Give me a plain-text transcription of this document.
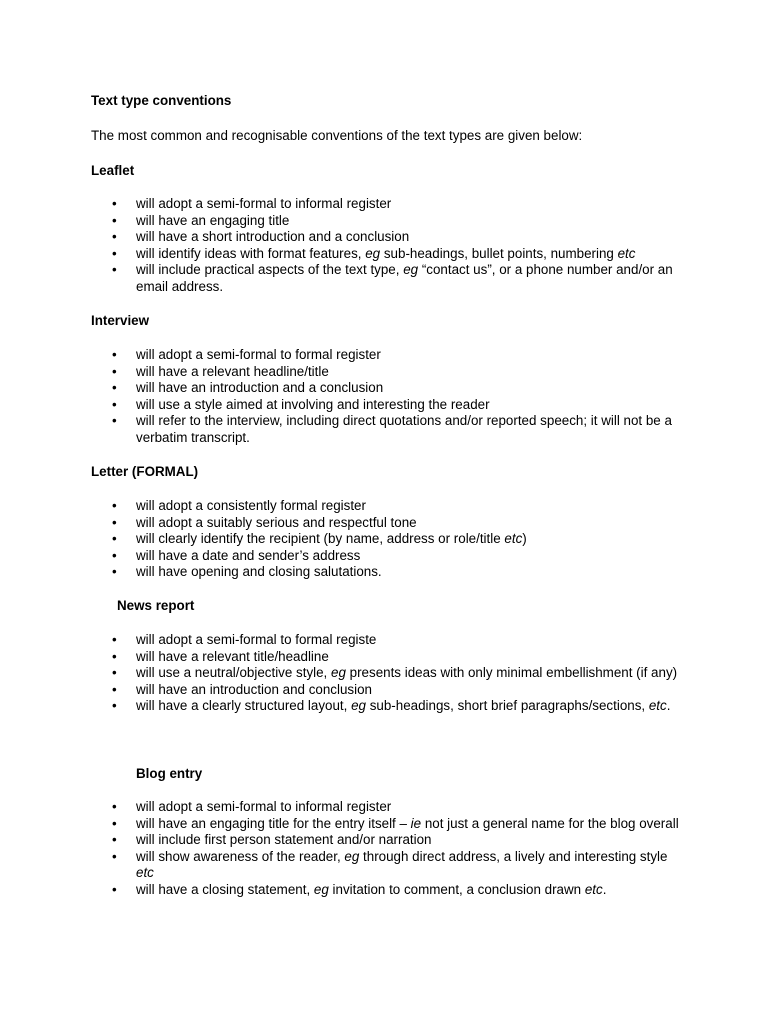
Text type conventions
The most common and recognisable conventions of the text types are given below:
Leaflet
• will adopt a semi-formal to informal register
• will have an engaging title
• will have a short introduction and a conclusion
• will identify ideas with format features, eg sub-headings, bullet points, numbering etc
• will include practical aspects of the text type, eg “contact us”, or a phone number and/or an email address.
Interview
• will adopt a semi-formal to formal register
• will have a relevant headline/title
• will have an introduction and a conclusion
• will use a style aimed at involving and interesting the reader
• will refer to the interview, including direct quotations and/or reported speech; it will not be a verbatim transcript.
Letter (FORMAL)
• will adopt a consistently formal register
• will adopt a suitably serious and respectful tone
• will clearly identify the recipient (by name, address or role/title etc)
• will have a date and sender’s address
• will have opening and closing salutations.
News report
• will adopt a semi-formal to formal registe
• will have a relevant title/headline
• will use a neutral/objective style, eg presents ideas with only minimal embellishment (if any)
• will have an introduction and conclusion
• will have a clearly structured layout, eg sub-headings, short brief paragraphs/sections, etc.
Blog entry
• will adopt a semi-formal to informal register
• will have an engaging title for the entry itself – ie not just a general name for the blog overall
• will include first person statement and/or narration
• will show awareness of the reader, eg through direct address, a lively and interesting style etc
• will have a closing statement, eg invitation to comment, a conclusion drawn etc.
